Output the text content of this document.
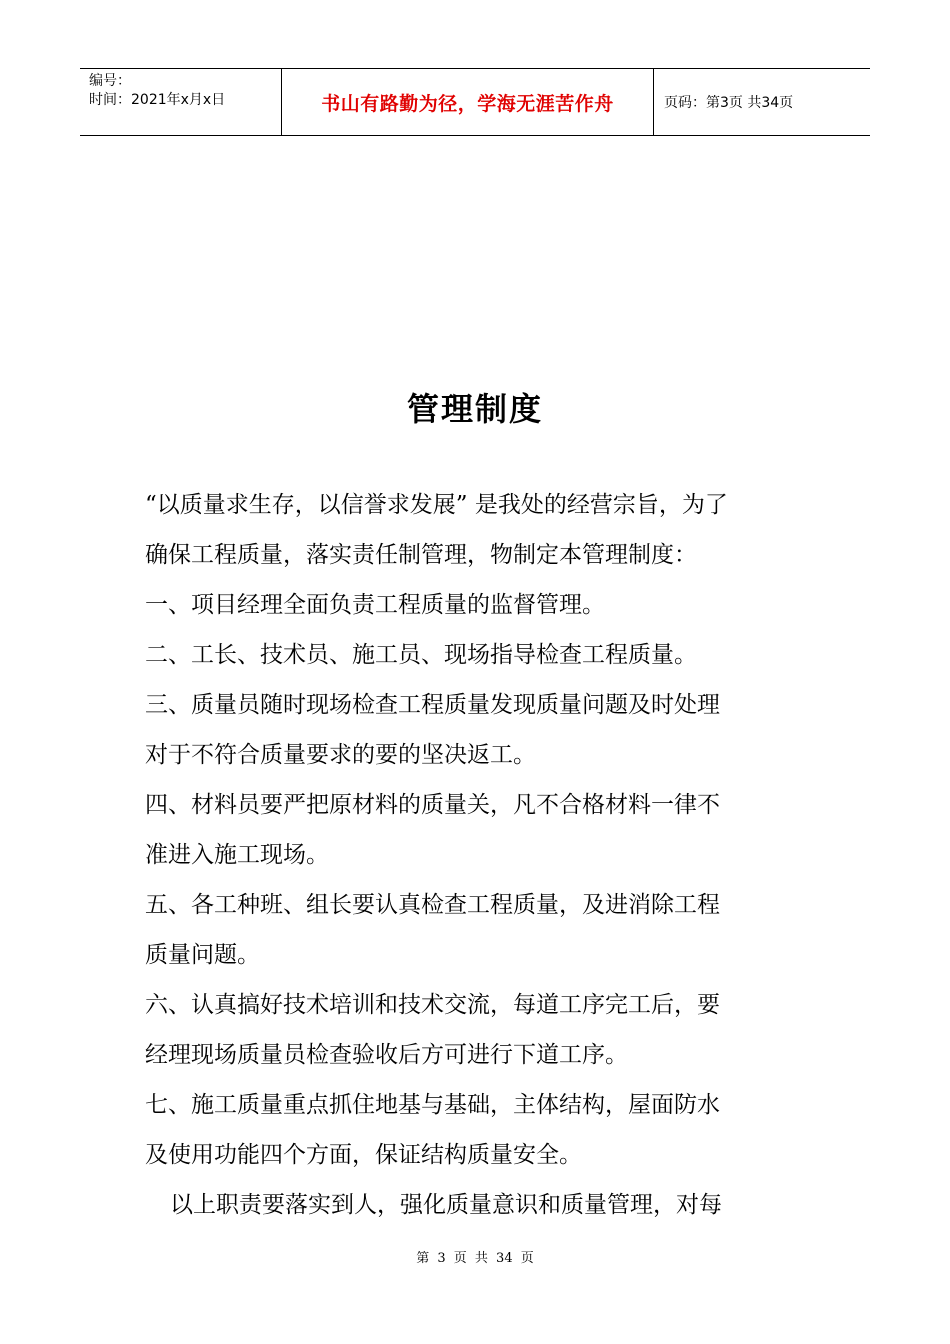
编号：
时间：2021年x月x日	书山有路勤为径，学海无涯苦作舟	页码：第3页 共34页
管理制度
“以质量求生存，以信誉求发展” 是我处的经营宗旨，为了
确保工程质量，落实责任制管理，物制定本管理制度：
一、项目经理全面负责工程质量的监督管理。
二、工长、技术员、施工员、现场指导检查工程质量。
三、质量员随时现场检查工程质量发现质量问题及时处理
对于不符合质量要求的要的坚决返工。
四、材料员要严把原材料的质量关，凡不合格材料一律不
准进入施工现场。
五、各工种班、组长要认真检查工程质量，及进消除工程
质量问题。
六、认真搞好技术培训和技术交流，每道工序完工后，要
经理现场质量员检查验收后方可进行下道工序。
七、施工质量重点抓住地基与基础，主体结构，屋面防水
及使用功能四个方面，保证结构质量安全。
以上职责要落实到人，强化质量意识和质量管理，对每
第 3 页 共 34 页
